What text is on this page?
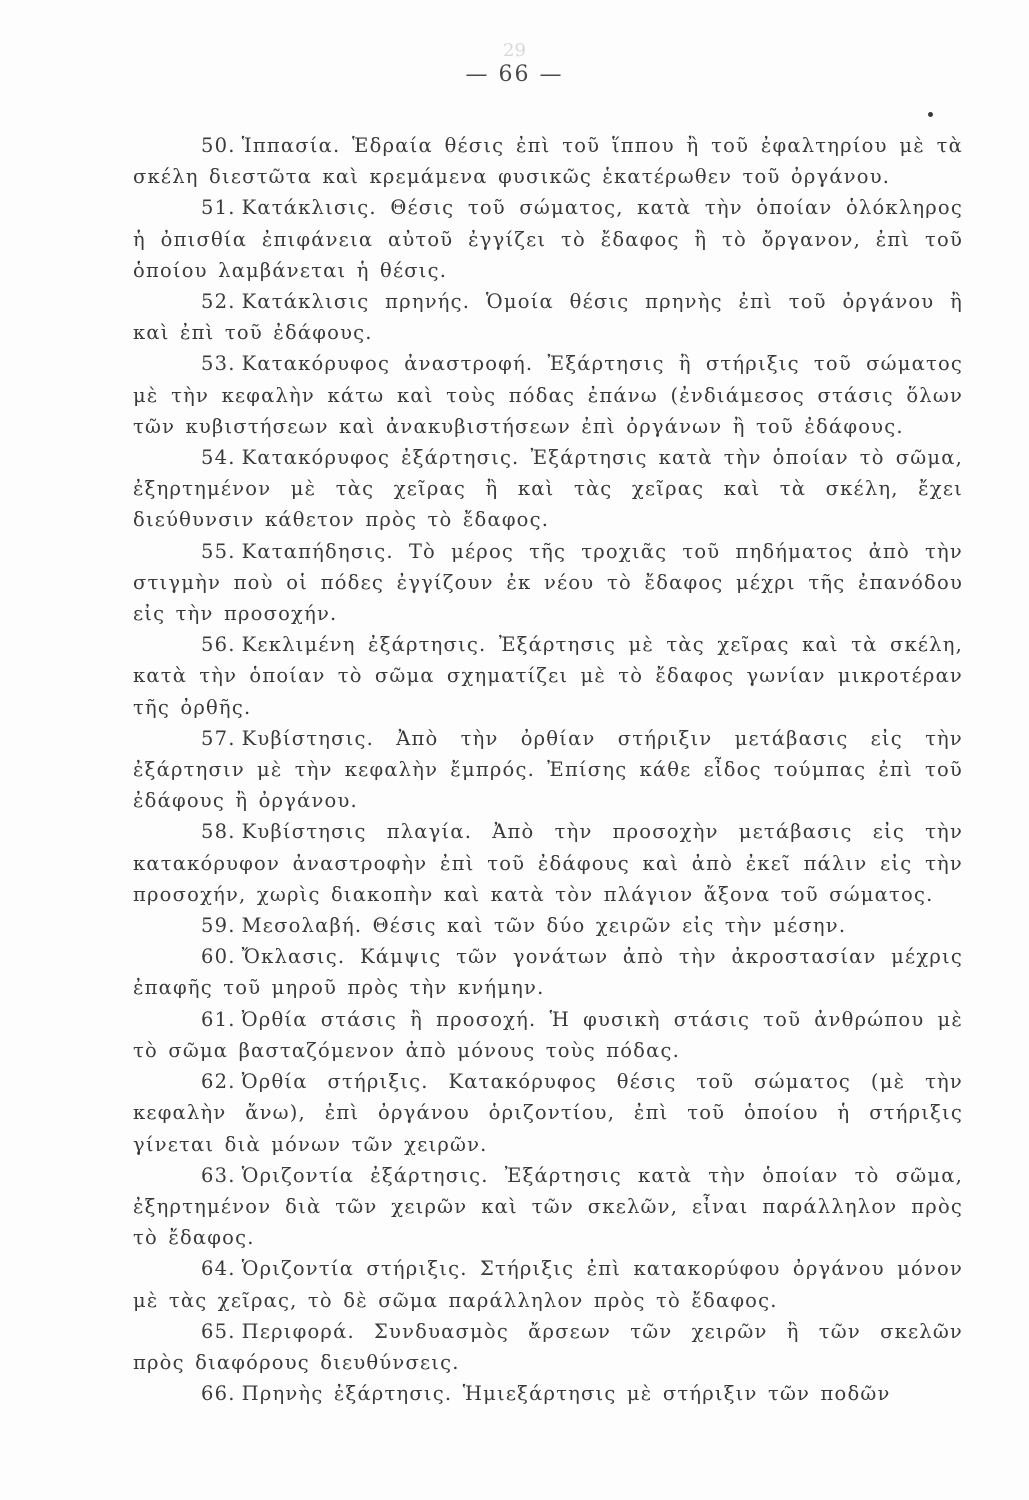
29
— 66 —

50. Ἱππασία. Ἑδραία θέσις ἐπὶ τοῦ ἵππου ἢ τοῦ ἐφαλτηρίου μὲ τὰ σκέλη διεστῶτα καὶ κρεμάμενα φυσικῶς ἑκατέρωθεν τοῦ ὀργάνου.

51. Κατάκλισις. Θέσις τοῦ σώματος, κατὰ τὴν ὁποίαν ὁλόκληρος ἡ ὀπισθία ἐπιφάνεια αὐτοῦ ἐγγίζει τὸ ἔδαφος ἢ τὸ ὄργανον, ἐπὶ τοῦ ὁποίου λαμβάνεται ἡ θέσις.

52. Κατάκλισις πρηνής. Ὁμοία θέσις πρηνὴς ἐπὶ τοῦ ὀργάνου ἢ καὶ ἐπὶ τοῦ ἐδάφους.

53. Κατακόρυφος ἀναστροφή. Ἐξάρτησις ἢ στήριξις τοῦ σώματος μὲ τὴν κεφαλὴν κάτω καὶ τοὺς πόδας ἐπάνω (ἐνδιάμεσος στάσις ὅλων τῶν κυβιστήσεων καὶ ἀνακυβιστήσεων ἐπὶ ὀργάνων ἢ τοῦ ἐδάφους.

54. Κατακόρυφος ἐξάρτησις. Ἐξάρτησις κατὰ τὴν ὁποίαν τὸ σῶμα, ἐξηρτημένον μὲ τὰς χεῖρας ἢ καὶ τὰς χεῖρας καὶ τὰ σκέλη, ἔχει διεύθυνσιν κάθετον πρὸς τὸ ἔδαφος.

55. Καταπήδησις. Τὸ μέρος τῆς τροχιᾶς τοῦ πηδήματος ἀπὸ τὴν στιγμὴν ποὺ οἱ πόδες ἐγγίζουν ἐκ νέου τὸ ἔδαφος μέχρι τῆς ἐπανόδου εἰς τὴν προσοχήν.

56. Κεκλιμένη ἐξάρτησις. Ἐξάρτησις μὲ τὰς χεῖρας καὶ τὰ σκέλη, κατὰ τὴν ὁποίαν τὸ σῶμα σχηματίζει μὲ τὸ ἔδαφος γωνίαν μικροτέραν τῆς ὀρθῆς.

57. Κυβίστησις. Ἀπὸ τὴν ὀρθίαν στήριξιν μετάβασις εἰς τὴν ἐξάρτησιν μὲ τὴν κεφαλὴν ἔμπρός. Ἐπίσης κάθε εἶδος τούμπας ἐπὶ τοῦ ἐδάφους ἢ ὀργάνου.

58. Κυβίστησις πλαγία. Ἀπὸ τὴν προσοχὴν μετάβασις εἰς τὴν κατακόρυφον ἀναστροφὴν ἐπὶ τοῦ ἐδάφους καὶ ἀπὸ ἐκεῖ πάλιν εἰς τὴν προσοχήν, χωρὶς διακοπὴν καὶ κατὰ τὸν πλάγιον ἄξονα τοῦ σώματος.

59. Μεσολαβή. Θέσις καὶ τῶν δύο χειρῶν εἰς τὴν μέσην.

60. Ὄκλασις. Κάμψις τῶν γονάτων ἀπὸ τὴν ἀκροστασίαν μέχρις ἐπαφῆς τοῦ μηροῦ πρὸς τὴν κνήμην.

61. Ὀρθία στάσις ἢ προσοχή. Ἡ φυσικὴ στάσις τοῦ ἀνθρώπου μὲ τὸ σῶμα βασταζόμενον ἀπὸ μόνους τοὺς πόδας.

62. Ὀρθία στήριξις. Κατακόρυφος θέσις τοῦ σώματος (μὲ τὴν κεφαλὴν ἄνω), ἐπὶ ὀργάνου ὁριζοντίου, ἐπὶ τοῦ ὁποίου ἡ στήριξις γίνεται διὰ μόνων τῶν χειρῶν.

63. Ὁριζοντία ἐξάρτησις. Ἐξάρτησις κατὰ τὴν ὁποίαν τὸ σῶμα, ἐξηρτημένον διὰ τῶν χειρῶν καὶ τῶν σκελῶν, εἶναι παράλληλον πρὸς τὸ ἔδαφος.

64. Ὁριζοντία στήριξις. Στήριξις ἐπὶ κατακορύφου ὀργάνου μόνον μὲ τὰς χεῖρας, τὸ δὲ σῶμα παράλληλον πρὸς τὸ ἔδαφος.

65. Περιφορά. Συνδυασμὸς ἄρσεων τῶν χειρῶν ἢ τῶν σκελῶν πρὸς διαφόρους διευθύνσεις.

66. Πρηνὴς ἐξάρτησις. Ἡμιεξάρτησις μὲ στήριξιν τῶν ποδῶν
